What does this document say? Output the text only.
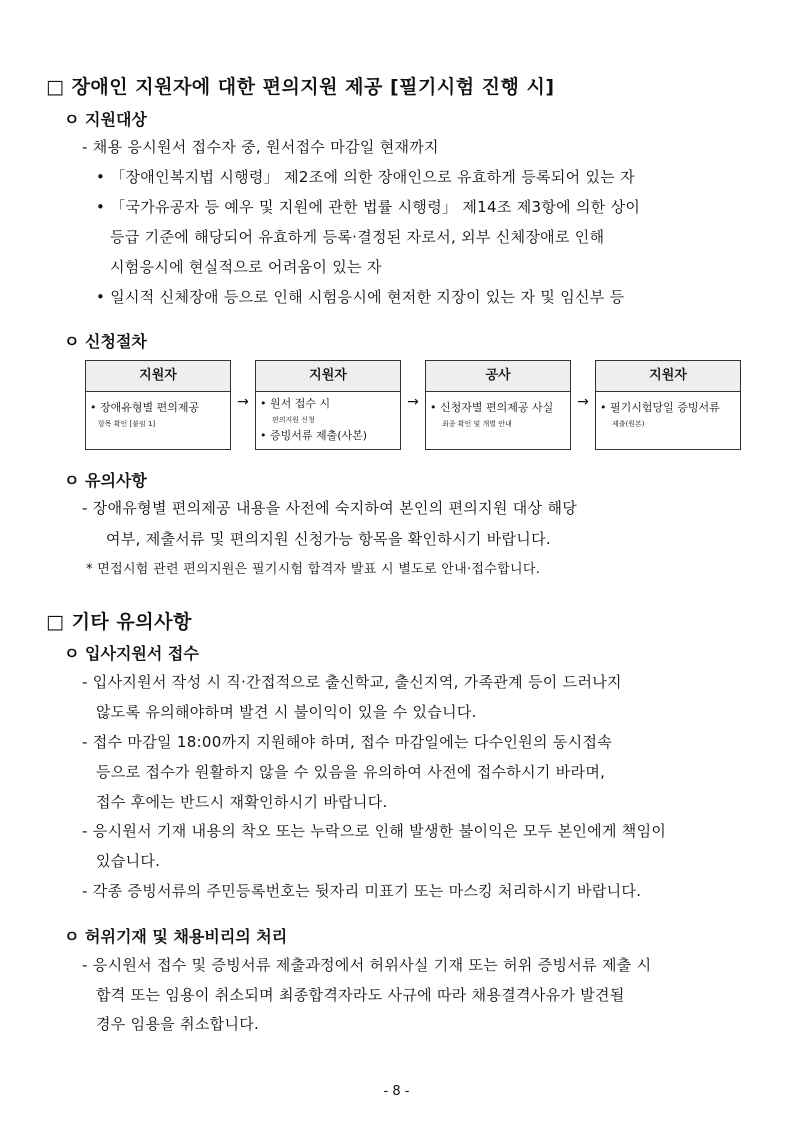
□ 장애인 지원자에 대한 편의지원 제공 [필기시험 진행 시]
ㅇ 지원대상
- 채용 응시원서 접수자 중, 원서접수 마감일 현재까지
• 「장애인복지법 시행령」 제2조에 의한 장애인으로 유효하게 등록되어 있는 자
• 「국가유공자 등 예우 및 지원에 관한 법률 시행령」 제14조 제3항에 의한 상이
등급 기준에 해당되어 유효하게 등록·결정된 자로서, 외부 신체장애로 인해
시험응시에 현실적으로 어려움이 있는 자
• 일시적 신체장애 등으로 인해 시험응시에 현저한 지장이 있는 자 및 임신부 등
ㅇ 신청절차
지원자
• 장애유형별 편의제공
항목 확인 [붙임 1]
→
지원자
• 원서 접수 시
편의지원 신청
• 증빙서류 제출(사본)
→
공사
• 신청자별 편의제공 사실
최종 확인 및 개별 안내
→
지원자
• 필기시험당일 증빙서류
제출(원본)
ㅇ 유의사항
- 장애유형별 편의제공 내용을 사전에 숙지하여 본인의 편의지원 대상 해당
여부, 제출서류 및 편의지원 신청가능 항목을 확인하시기 바랍니다.
* 면접시험 관련 편의지원은 필기시험 합격자 발표 시 별도로 안내·접수합니다.
□ 기타 유의사항
ㅇ 입사지원서 접수
- 입사지원서 작성 시 직·간접적으로 출신학교, 출신지역, 가족관계 등이 드러나지
않도록 유의해야하며 발견 시 불이익이 있을 수 있습니다.
- 접수 마감일 18:00까지 지원해야 하며, 접수 마감일에는 다수인원의 동시접속
등으로 접수가 원활하지 않을 수 있음을 유의하여 사전에 접수하시기 바라며,
접수 후에는 반드시 재확인하시기 바랍니다.
- 응시원서 기재 내용의 착오 또는 누락으로 인해 발생한 불이익은 모두 본인에게 책임이
있습니다.
- 각종 증빙서류의 주민등록번호는 뒷자리 미표기 또는 마스킹 처리하시기 바랍니다.
ㅇ 허위기재 및 채용비리의 처리
- 응시원서 접수 및 증빙서류 제출과정에서 허위사실 기재 또는 허위 증빙서류 제출 시
합격 또는 임용이 취소되며 최종합격자라도 사규에 따라 채용결격사유가 발견될
경우 임용을 취소합니다.
- 8 -
